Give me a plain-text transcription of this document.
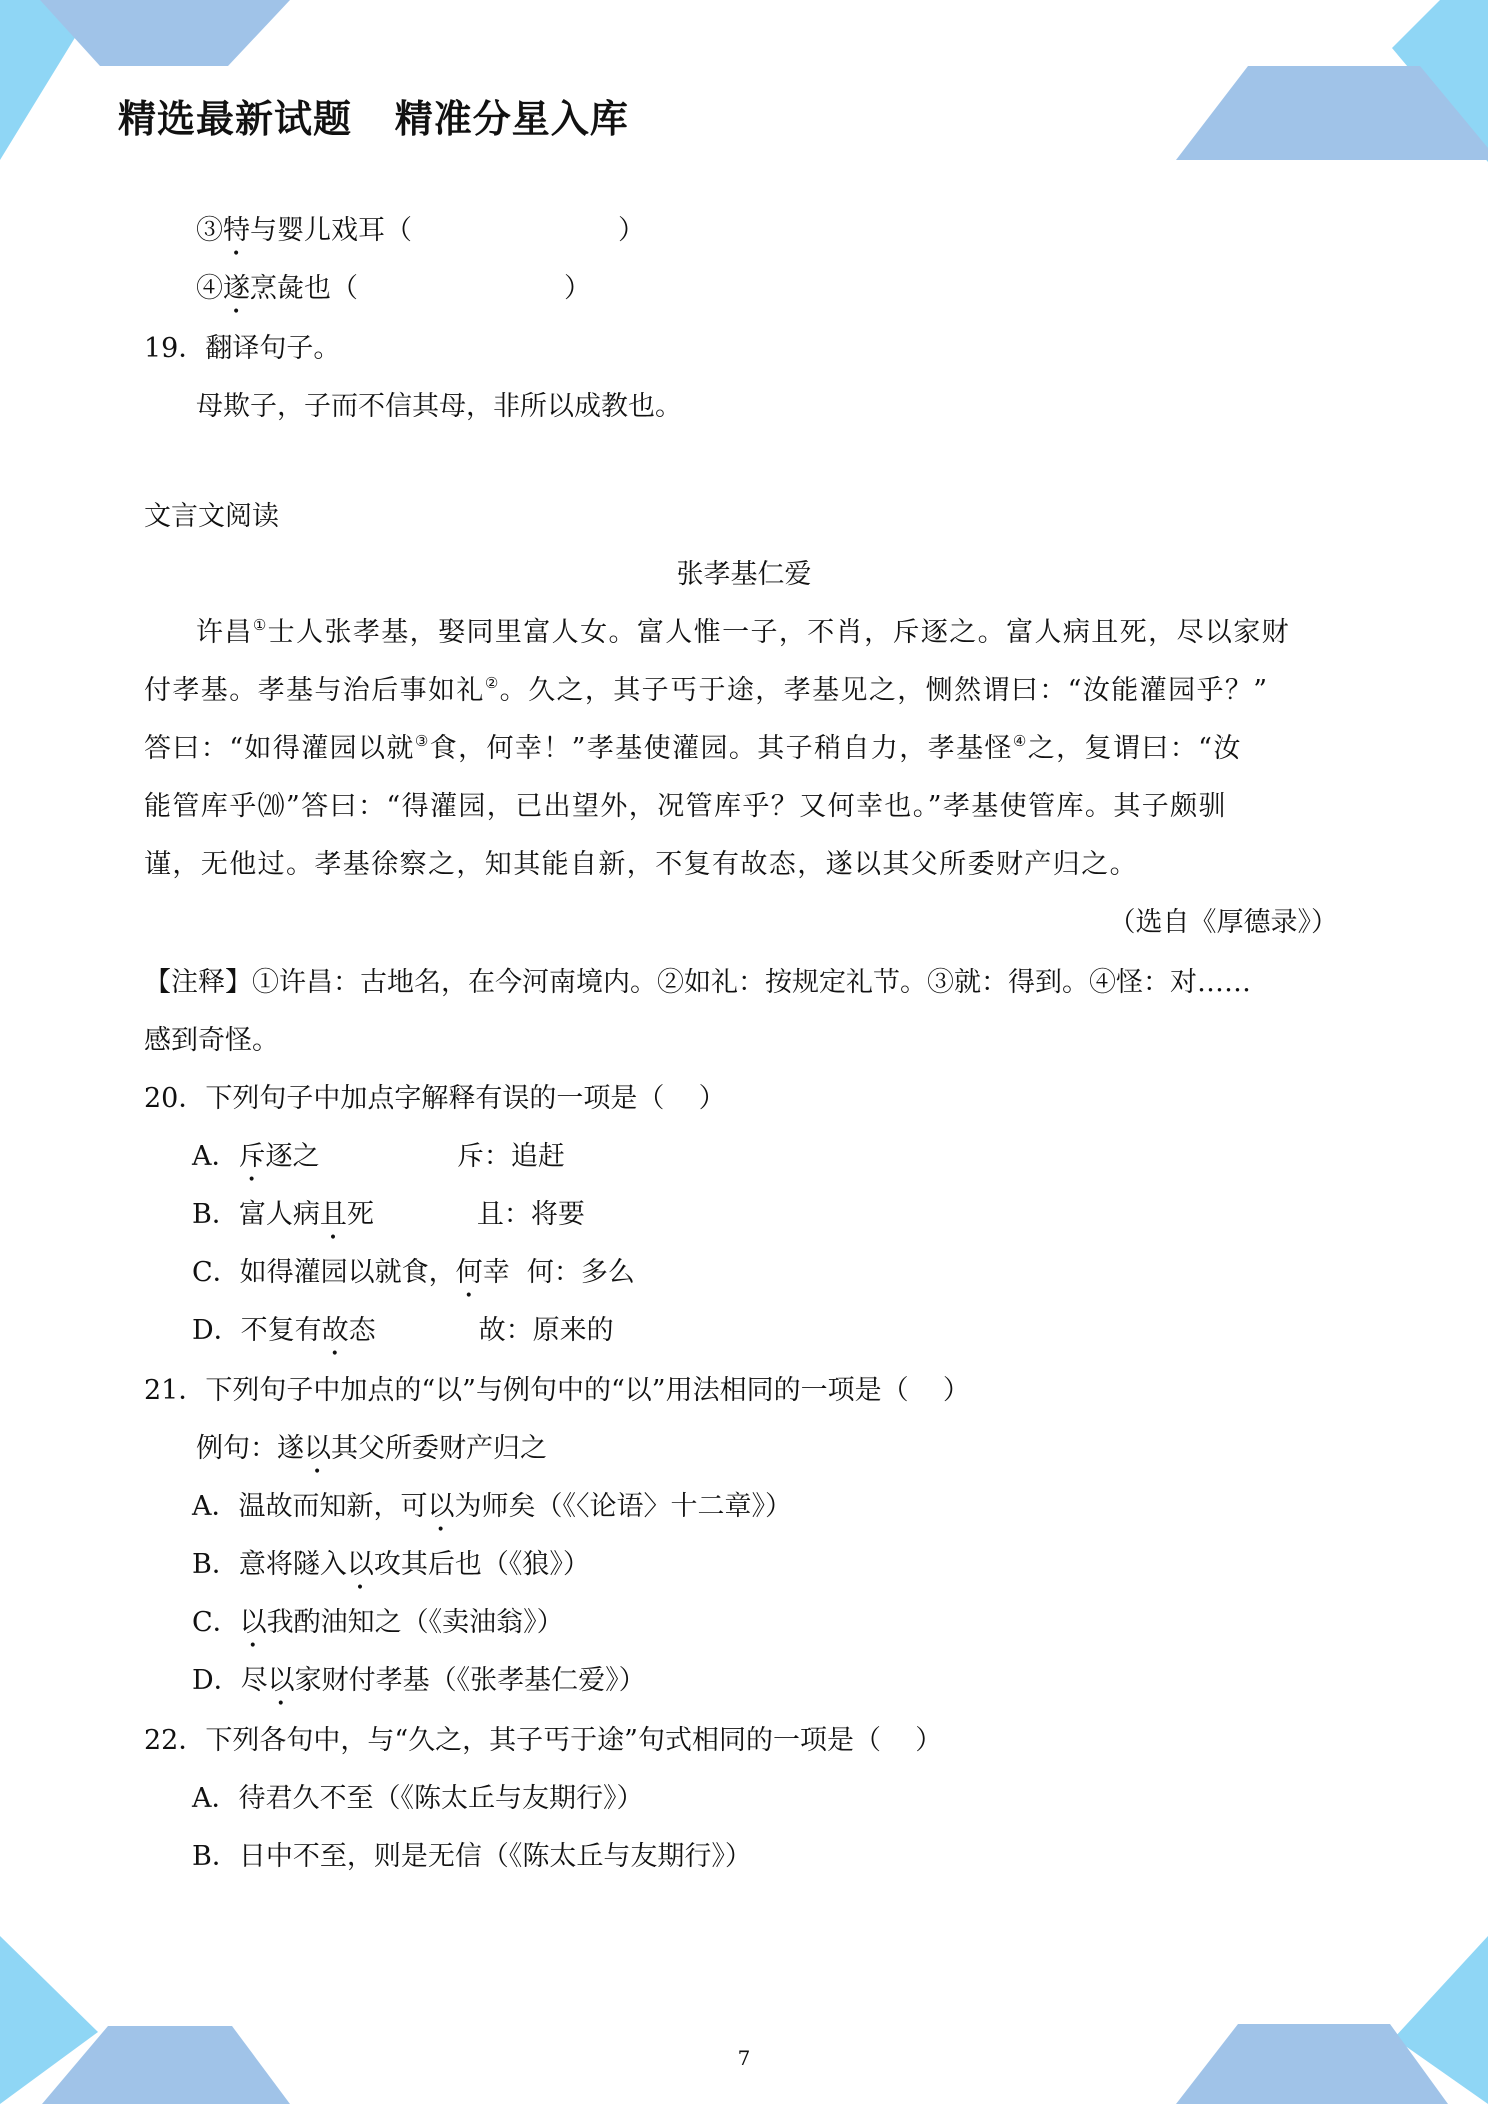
精选最新试题   精准分星入库
③特与婴儿戏耳（                        ）
④遂烹彘也（                        ）
19．翻译句子。
母欺子，子而不信其母，非所以成教也。
文言文阅读
张孝基仁爱
许昌①士人张孝基，娶同里富人女。富人惟一子，不肖，斥逐之。富人病且死，尽以家财
付孝基。孝基与治后事如礼②。久之，其子丐于途，孝基见之，恻然谓曰：“汝能灌园乎？”
答曰：“如得灌园以就③食，何幸！”孝基使灌园。其子稍自力，孝基怪④之，复谓曰：“汝
能管库乎⒇”答曰：“得灌园，已出望外，况管库乎？又何幸也。”孝基使管库。其子颇驯
谨，无他过。孝基徐察之，知其能自新，不复有故态，遂以其父所委财产归之。
（选自《厚德录》）
【注释】①许昌：古地名，在今河南境内。②如礼：按规定礼节。③就：得到。④怪：对……
感到奇怪。
20．下列句子中加点字解释有误的一项是（    ）
A．斥逐之                斥：追赶
B．富人病且死            且：将要
C．如得灌园以就食，何幸  何：多么
D．不复有故态            故：原来的
21．下列句子中加点的“以”与例句中的“以”用法相同的一项是（    ）
例句：遂以其父所委财产归之
A．温故而知新，可以为师矣（《〈论语〉十二章》）
B．意将隧入以攻其后也（《狼》）
C．以我酌油知之（《卖油翁》）
D．尽以家财付孝基（《张孝基仁爱》）
22．下列各句中，与“久之，其子丐于途”句式相同的一项是（    ）
A．待君久不至（《陈太丘与友期行》）
B．日中不至，则是无信（《陈太丘与友期行》）
7
